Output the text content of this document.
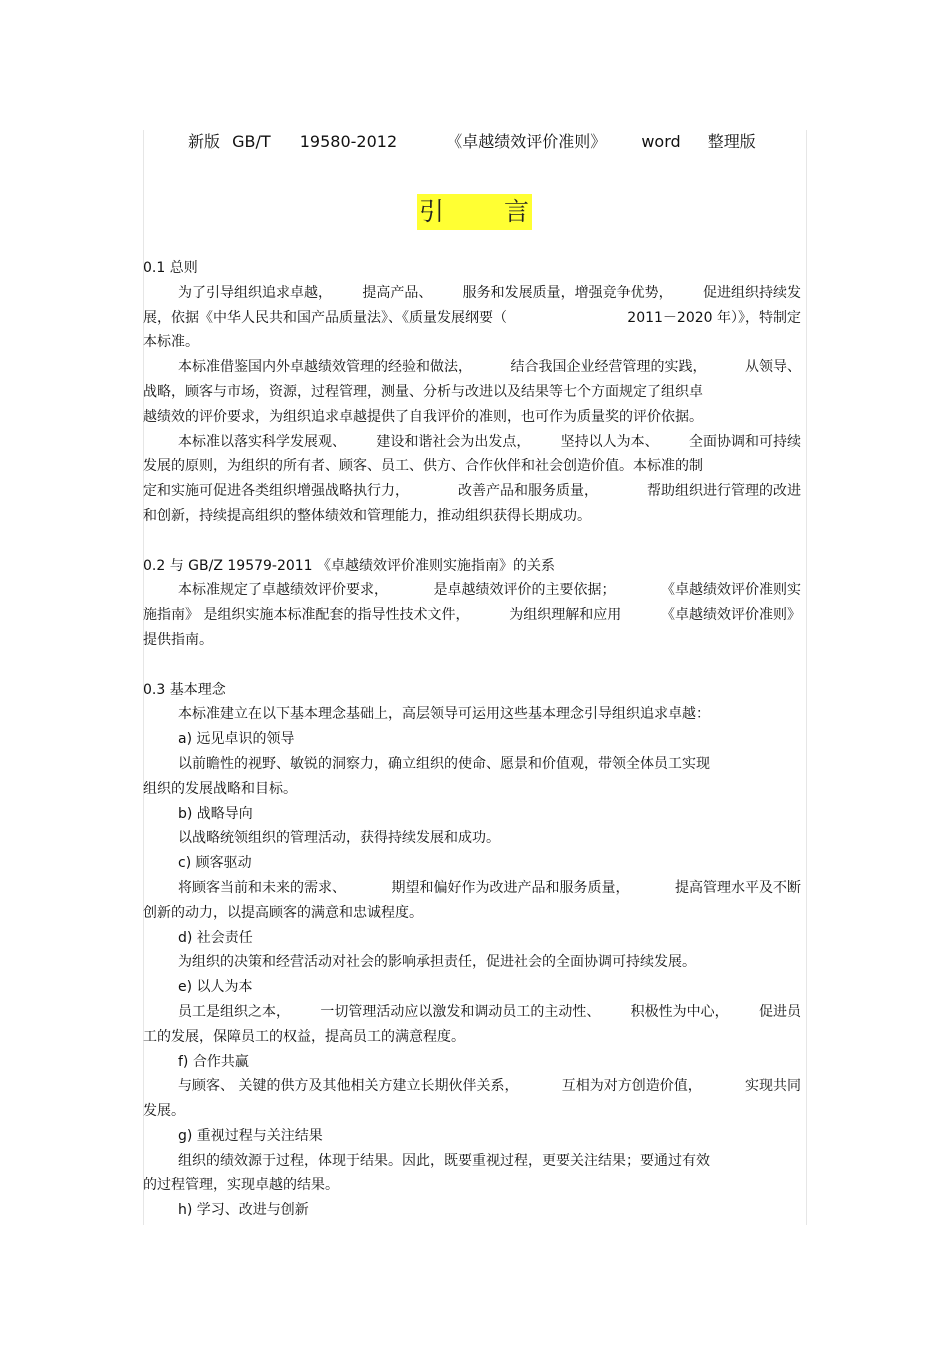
新版 GB/T 19580-2012	《卓越绩效评价准则》 word 整理版
引 言
0.1 总则
为了引导组织追求卓越， 提高产品、 服务和发展质量，增强竞争优势， 促进组织持续发
展，依据《中华人民共和国产品质量法》、《质量发展纲要（	2011－2020 年）》，特制定
本标准。
本标准借鉴国内外卓越绩效管理的经验和做法，	结合我国企业经营管理的实践，	从领导、
战略，顾客与市场，资源，过程管理，测量、分析与改进以及结果等七个方面规定了组织卓
越绩效的评价要求，为组织追求卓越提供了自我评价的准则，也可作为质量奖的评价依据。
本标准以落实科学发展观、 建设和谐社会为出发点， 坚持以人为本、 全面协调和可持续
发展的原则，为组织的所有者、顾客、员工、供方、合作伙伴和社会创造价值。本标准的制
定和实施可促进各类组织增强战略执行力，	改善产品和服务质量，	帮助组织进行管理的改进
和创新，持续提高组织的整体绩效和管理能力，推动组织获得长期成功。
0.2 与 GB/Z 19579-2011 《卓越绩效评价准则实施指南》的关系
本标准规定了卓越绩效评价要求，	是卓越绩效评价的主要依据；	《卓越绩效评价准则实
施指南》 是组织实施本标准配套的指导性技术文件，	为组织理解和应用	《卓越绩效评价准则》
提供指南。
0.3 基本理念
本标准建立在以下基本理念基础上，高层领导可运用这些基本理念引导组织追求卓越：
a) 远见卓识的领导
以前瞻性的视野、敏锐的洞察力，确立组织的使命、愿景和价值观，带领全体员工实现
组织的发展战略和目标。
b) 战略导向
以战略统领组织的管理活动，获得持续发展和成功。
c) 顾客驱动
将顾客当前和未来的需求、	期望和偏好作为改进产品和服务质量，	提高管理水平及不断
创新的动力，以提高顾客的满意和忠诚程度。
d) 社会责任
为组织的决策和经营活动对社会的影响承担责任，促进社会的全面协调可持续发展。
e) 以人为本
员工是组织之本， 一切管理活动应以激发和调动员工的主动性、 积极性为中心， 促进员
工的发展，保障员工的权益，提高员工的满意程度。
f) 合作共赢
与顾客、 关键的供方及其他相关方建立长期伙伴关系，	互相为对方创造价值，	实现共同
发展。
g) 重视过程与关注结果
组织的绩效源于过程，体现于结果。因此，既要重视过程，更要关注结果；要通过有效
的过程管理，实现卓越的结果。
h) 学习、改进与创新
